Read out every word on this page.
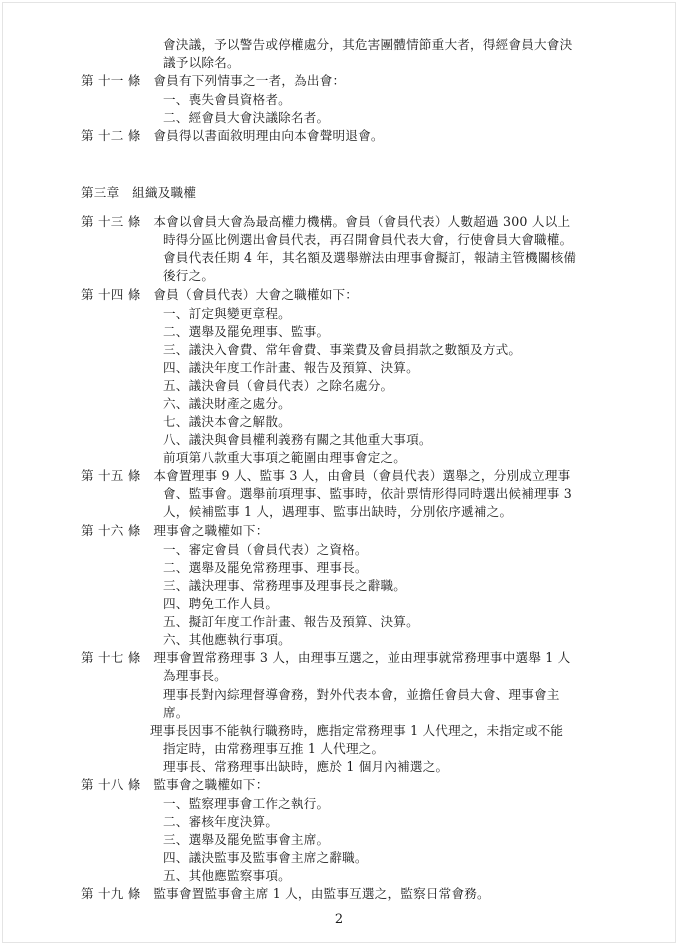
會決議，予以警告或停權處分，其危害團體情節重大者，得經會員大會決
議予以除名。
第 十一 條　會員有下列情事之一者，為出會：
一、喪失會員資格者。
二、經會員大會決議除名者。
第 十二 條　會員得以書面敘明理由向本會聲明退會。
第三章　組織及職權
第 十三 條　本會以會員大會為最高權力機構。會員（會員代表）人數超過 300 人以上
時得分區比例選出會員代表，再召開會員代表大會，行使會員大會職權。
會員代表任期 4 年，其名額及選舉辦法由理事會擬訂，報請主管機關核備
後行之。
第 十四 條　會員（會員代表）大會之職權如下：
一、訂定與變更章程。
二、選舉及罷免理事、監事。
三、議決入會費、常年會費、事業費及會員捐款之數額及方式。
四、議決年度工作計畫、報告及預算、決算。
五、議決會員（會員代表）之除名處分。
六、議決財產之處分。
七、議決本會之解散。
八、議決與會員權利義務有關之其他重大事項。
前項第八款重大事項之範圍由理事會定之。
第 十五 條　本會置理事 9 人、監事 3 人，由會員（會員代表）選舉之，分別成立理事
會、監事會。選舉前項理事、監事時，依計票情形得同時選出候補理事 3
人，候補監事 1 人，遇理事、監事出缺時，分別依序遞補之。
第 十六 條　理事會之職權如下：
一、審定會員（會員代表）之資格。
二、選舉及罷免常務理事、理事長。
三、議決理事、常務理事及理事長之辭職。
四、聘免工作人員。
五、擬訂年度工作計畫、報告及預算、決算。
六、其他應執行事項。
第 十七 條　理事會置常務理事 3 人，由理事互選之，並由理事就常務理事中選舉 1 人
為理事長。
理事長對內綜理督導會務，對外代表本會，並擔任會員大會、理事會主
席。
理事長因事不能執行職務時，應指定常務理事 1 人代理之，未指定或不能
指定時，由常務理事互推 1 人代理之。
理事長、常務理事出缺時，應於 1 個月內補選之。
第 十八 條　監事會之職權如下：
一、監察理事會工作之執行。
二、審核年度決算。
三、選舉及罷免監事會主席。
四、議決監事及監事會主席之辭職。
五、其他應監察事項。
第 十九 條　監事會置監事會主席 1 人，由監事互選之，監察日常會務。
2
